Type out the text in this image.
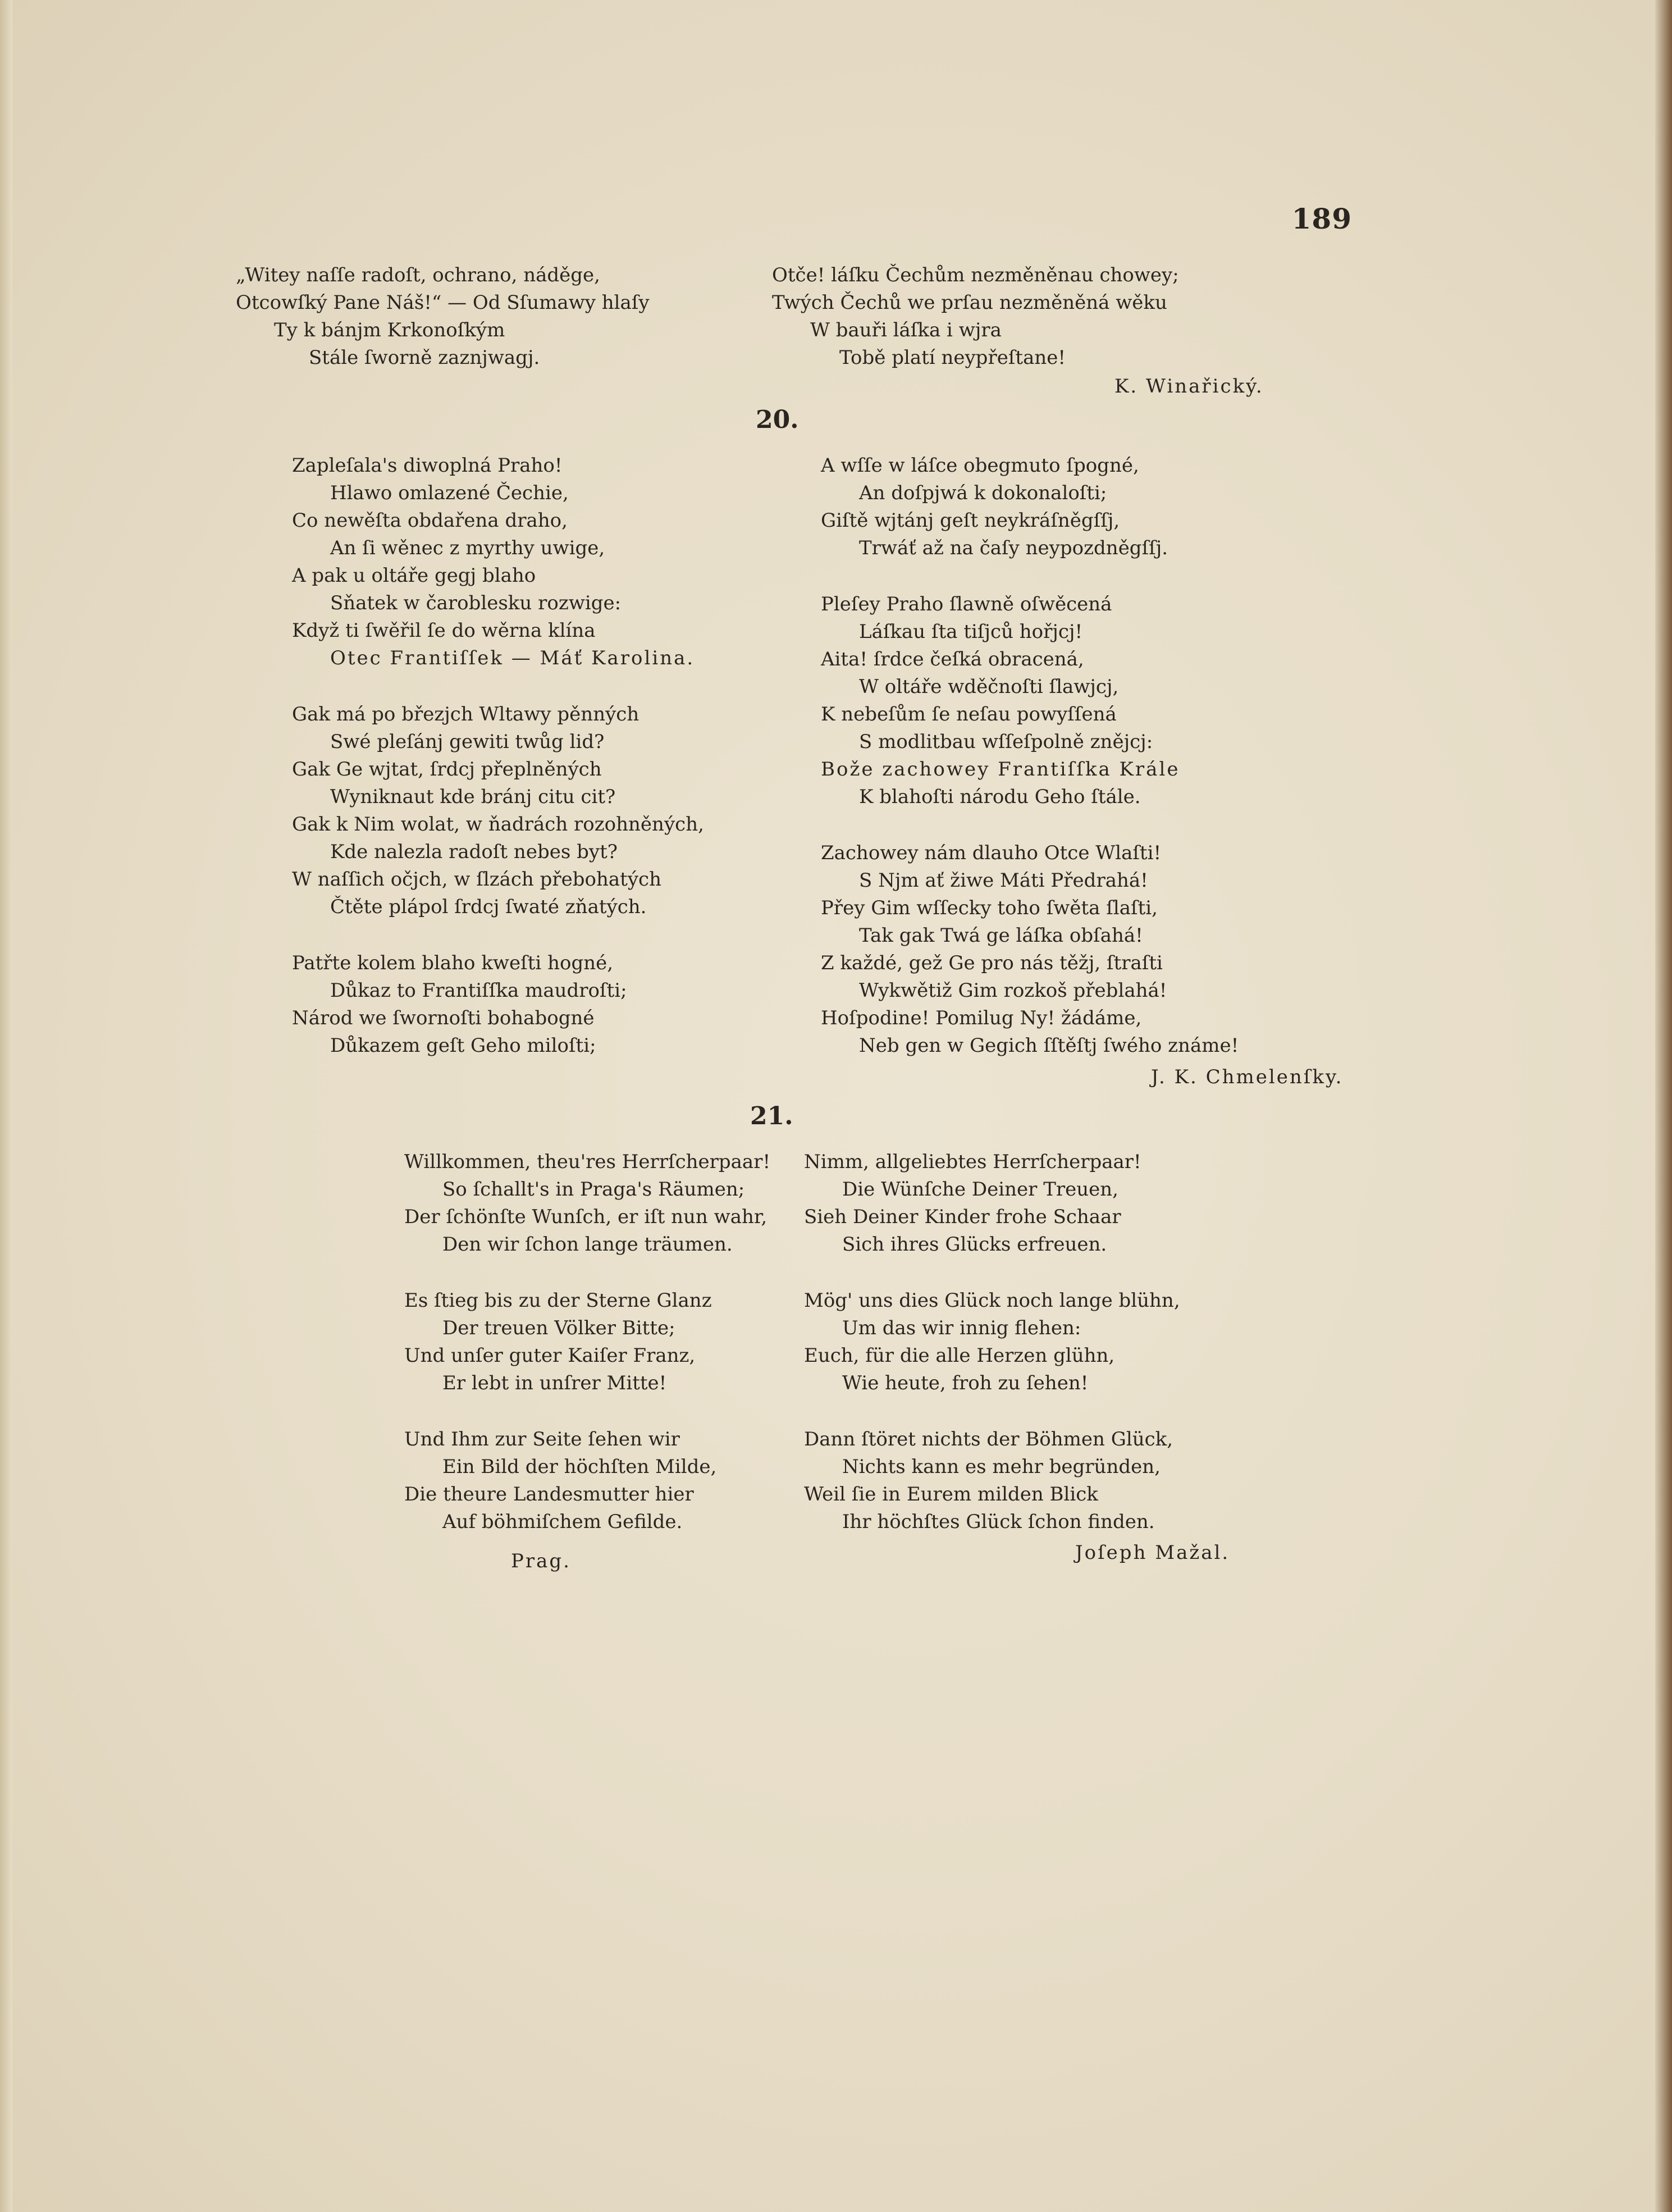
189
„Witey naſſe radoſt, ochrano, náděge,
Otcowſký Pane Náš!“ — Od Sſumawy hlaſy
Ty k bánjm Krkonoſkým
Stále ſworně zaznjwagj.
Otče! láſku Čechům nezměněnau chowey;
Twých Čechů we prſau nezměněná wěku
W bauři láſka i wjra
Tobě platí neypřeſtane!
K. Winařický.
20.
Zapleſala's diwoplná Praho!
Hlawo omlazené Čechie,
Co newěſta obdařena draho,
An ſi wěnec z myrthy uwige,
A pak u oltáře gegj blaho
Sňatek w čaroblesku rozwige:
Když ti ſwěřil ſe do wěrna klína
Otec Frantiſſek — Máť Karolina.
Gak má po březjch Wltawy pěnných
Swé pleſánj gewiti twůg lid?
Gak Ge wjtat, ſrdcj přeplněných
Wyniknaut kde bránj citu cit?
Gak k Nim wolat, w ňadrách rozohněných,
Kde nalezla radoſt nebes byt?
W naſſich očjch, w ſlzách přebohatých
Čtěte plápol ſrdcj ſwaté zňatých.
Patřte kolem blaho kweſti hogné,
Důkaz to Frantiſſka maudroſti;
Národ we ſwornoſti bohabogné
Důkazem geſt Geho miloſti;
A wſſe w láſce obegmuto ſpogné,
An doſpjwá k dokonaloſti;
Giſtě wjtánj geſt neykráſněgſſj,
Trwáť až na čaſy neypozdněgſſj.
Pleſey Praho ſlawně oſwěcená
Láſkau ſta tiſjců hořjcj!
Aita! ſrdce čeſká obracená,
W oltáře wděčnoſti ſlawjcj,
K nebeſům ſe neſau powyſſená
S modlitbau wſſeſpolně znějcj:
Bože zachowey Frantiſſka Krále
K blahoſti národu Geho ſtále.
Zachowey nám dlauho Otce Wlaſti!
S Njm ať žiwe Máti Předrahá!
Přey Gim wſſecky toho ſwěta ſlaſti,
Tak gak Twá ge láſka obſahá!
Z každé, gež Ge pro nás těžj, ſtraſti
Wykwětiž Gim rozkoš přeblahá!
Hoſpodine! Pomilug Ny! žádáme,
Neb gen w Gegich ſſtěſtj ſwého známe!
J. K. Chmelenſky.
21.
Willkommen, theu'res Herrſcherpaar!
So ſchallt's in Praga's Räumen;
Der ſchönſte Wunſch, er iſt nun wahr,
Den wir ſchon lange träumen.
Es ſtieg bis zu der Sterne Glanz
Der treuen Völker Bitte;
Und unſer guter Kaiſer Franz,
Er lebt in unſrer Mitte!
Und Ihm zur Seite ſehen wir
Ein Bild der höchſten Milde,
Die theure Landesmutter hier
Auf böhmiſchem Gefilde.
Prag.
Nimm, allgeliebtes Herrſcherpaar!
Die Wünſche Deiner Treuen,
Sieh Deiner Kinder frohe Schaar
Sich ihres Glücks erfreuen.
Mög' uns dies Glück noch lange blühn,
Um das wir innig flehen:
Euch, für die alle Herzen glühn,
Wie heute, froh zu ſehen!
Dann ſtöret nichts der Böhmen Glück,
Nichts kann es mehr begründen,
Weil ſie in Eurem milden Blick
Ihr höchſtes Glück ſchon finden.
Joſeph Mažal.
